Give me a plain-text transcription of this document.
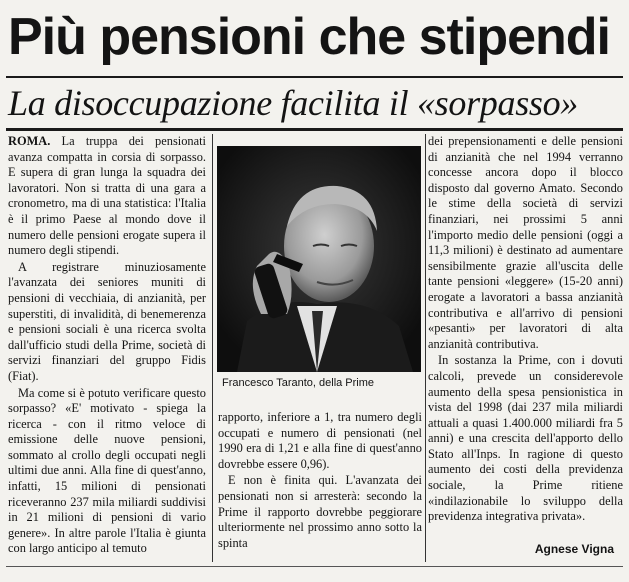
Più pensioni che stipendi
La disoccupazione facilita il «sorpasso»

ROMA. La truppa dei pensionati avanza compatta in corsia di sorpasso. E supera di gran lunga la squadra dei lavoratori. Non si tratta di una gara a cronometro, ma di una statistica: l'Italia è il primo Paese al mondo dove il numero delle pensioni erogate supera il numero degli stipendi.

A registrare minuziosamente l'avanzata dei seniores muniti di pensioni di vecchiaia, di anzianità, per superstiti, di invalidità, di benemerenza e pensioni sociali è una ricerca svolta dall'ufficio studi della Prime, società di servizi finanziari del gruppo Fidis (Fiat).

Ma come si è potuto verificare questo sorpasso? «E' motivato - spiega la ricerca - con il ritmo veloce di emissione delle nuove pensioni, sommato al crollo degli occupati negli ultimi due anni. Alla fine di quest'anno, infatti, 15 milioni di pensionati riceveranno 237 mila miliardi suddivisi in 21 milioni di pensioni di vario genere». In altre parole l'Italia è giunta con largo anticipo al temuto

Francesco Taranto, della Prime

rapporto, inferiore a 1, tra numero degli occupati e numero di pensionati (nel 1990 era di 1,21 e alla fine di quest'anno dovrebbe essere 0,96).

E non è finita qui. L'avanzata dei pensionati non si arresterà: secondo la Prime il rapporto dovrebbe peggiorare ulteriormente nel prossimo anno sotto la spinta

dei prepensionamenti e delle pensioni di anzianità che nel 1994 verranno concesse ancora dopo il blocco disposto dal governo Amato. Secondo le stime della società di servizi finanziari, nei prossimi 5 anni l'importo medio delle pensioni (oggi a 11,3 milioni) è destinato ad aumentare sensibilmente grazie all'uscita delle tante pensioni «leggere» (15-20 anni) erogate a lavoratori a bassa anzianità contributiva e all'arrivo di pensioni «pesanti» per lavoratori di alta anzianità contributiva.

In sostanza la Prime, con i dovuti calcoli, prevede un considerevole aumento della spesa pensionistica in vista del 1998 (dai 237 mila miliardi attuali a quasi 1.400.000 miliardi fra 5 anni) e una crescita dell'apporto dello Stato all'Inps. In ragione di questo aumento dei costi della previdenza sociale, la Prime ritiene «indilazionabile lo sviluppo della previdenza integrativa privata».

Agnese Vigna
